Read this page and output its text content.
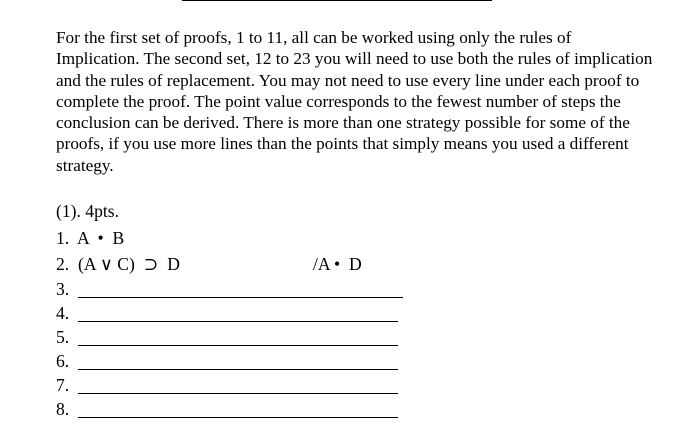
For the first set of proofs, 1 to 11, all can be worked using only the rules of Implication. The second set, 12 to 23 you will need to use both the rules of implication and the rules of replacement. You may not need to use every line under each proof to complete the proof. The point value corresponds to the fewest number of steps the conclusion can be derived. There is more than one strategy possible for some of the proofs, if you use more lines than the points that simply means you used a different strategy.

(1). 4pts.
1.  A  •  B
2.  (A ∨ C)  ⊃  D	/A •  D
3.
4.
5.
6.
7.
8.
